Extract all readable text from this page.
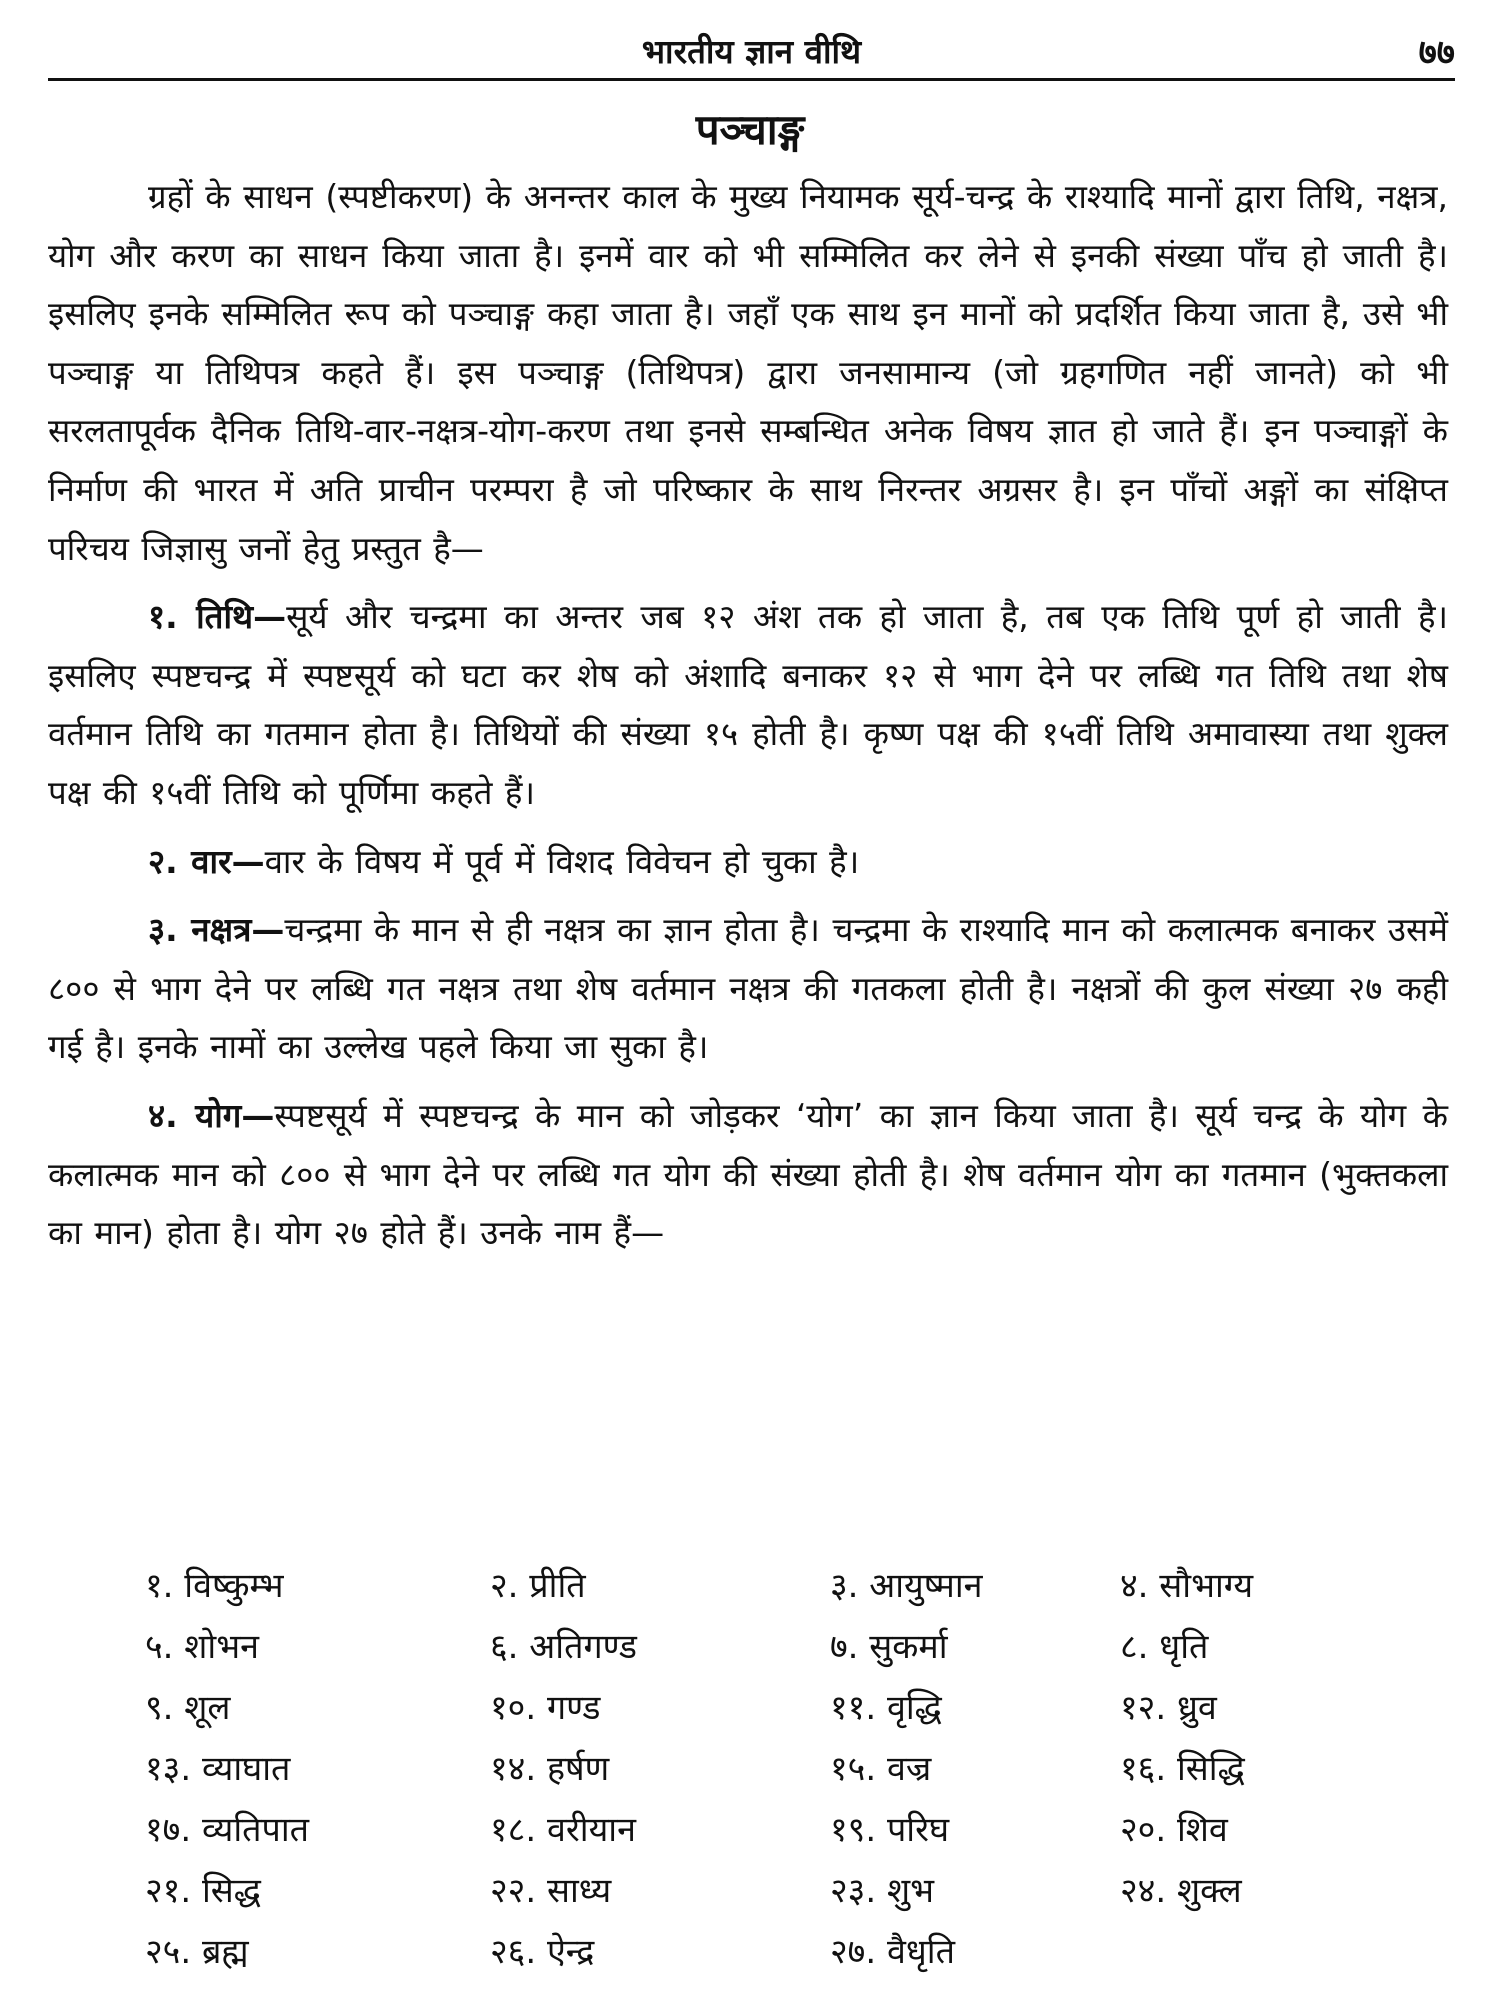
भारतीय ज्ञान वीथि	७७
पञ्चाङ्ग

ग्रहों के साधन (स्पष्टीकरण) के अनन्तर काल के मुख्य नियामक सूर्य-चन्द्र के राश्यादि मानों द्वारा तिथि, नक्षत्र, योग और करण का साधन किया जाता है। इनमें वार को भी सम्मिलित कर लेने से इनकी संख्या पाँच हो जाती है। इसलिए इनके सम्मिलित रूप को पञ्चाङ्ग कहा जाता है। जहाँ एक साथ इन मानों को प्रदर्शित किया जाता है, उसे भी पञ्चाङ्ग या तिथिपत्र कहते हैं। इस पञ्चाङ्ग (तिथिपत्र) द्वारा जनसामान्य (जो ग्रहगणित नहीं जानते) को भी सरलतापूर्वक दैनिक तिथि-वार-नक्षत्र-योग-करण तथा इनसे सम्बन्धित अनेक विषय ज्ञात हो जाते हैं। इन पञ्चाङ्गों के निर्माण की भारत में अति प्राचीन परम्परा है जो परिष्कार के साथ निरन्तर अग्रसर है। इन पाँचों अङ्गों का संक्षिप्त परिचय जिज्ञासु जनों हेतु प्रस्तुत है—

१. तिथि—सूर्य और चन्द्रमा का अन्तर जब १२ अंश तक हो जाता है, तब एक तिथि पूर्ण हो जाती है। इसलिए स्पष्टचन्द्र में स्पष्टसूर्य को घटा कर शेष को अंशादि बनाकर १२ से भाग देने पर लब्धि गत तिथि तथा शेष वर्तमान तिथि का गतमान होता है। तिथियों की संख्या १५ होती है। कृष्ण पक्ष की १५वीं तिथि अमावास्या तथा शुक्ल पक्ष की १५वीं तिथि को पूर्णिमा कहते हैं।

२. वार—वार के विषय में पूर्व में विशद विवेचन हो चुका है।

३. नक्षत्र—चन्द्रमा के मान से ही नक्षत्र का ज्ञान होता है। चन्द्रमा के राश्यादि मान को कलात्मक बनाकर उसमें ८०० से भाग देने पर लब्धि गत नक्षत्र तथा शेष वर्तमान नक्षत्र की गतकला होती है। नक्षत्रों की कुल संख्या २७ कही गई है। इनके नामों का उल्लेख पहले किया जा सुका है।

४. योग—स्पष्टसूर्य में स्पष्टचन्द्र के मान को जोड़कर ‘योग’ का ज्ञान किया जाता है। सूर्य चन्द्र के योग के कलात्मक मान को ८०० से भाग देने पर लब्धि गत योग की संख्या होती है। शेष वर्तमान योग का गतमान (भुक्तकला का मान) होता है। योग २७ होते हैं। उनके नाम हैं—

१. विष्कुम्भ	२. प्रीति	३. आयुष्मान	४. सौभाग्य
५. शोभन	६. अतिगण्ड	७. सुकर्मा	८. धृति
९. शूल	१०. गण्ड	११. वृद्धि	१२. ध्रुव
१३. व्याघात	१४. हर्षण	१५. वज्र	१६. सिद्धि
१७. व्यतिपात	१८. वरीयान	१९. परिघ	२०. शिव
२१. सिद्ध	२२. साध्य	२३. शुभ	२४. शुक्ल
२५. ब्रह्म	२६. ऐन्द्र	२७. वैधृति
